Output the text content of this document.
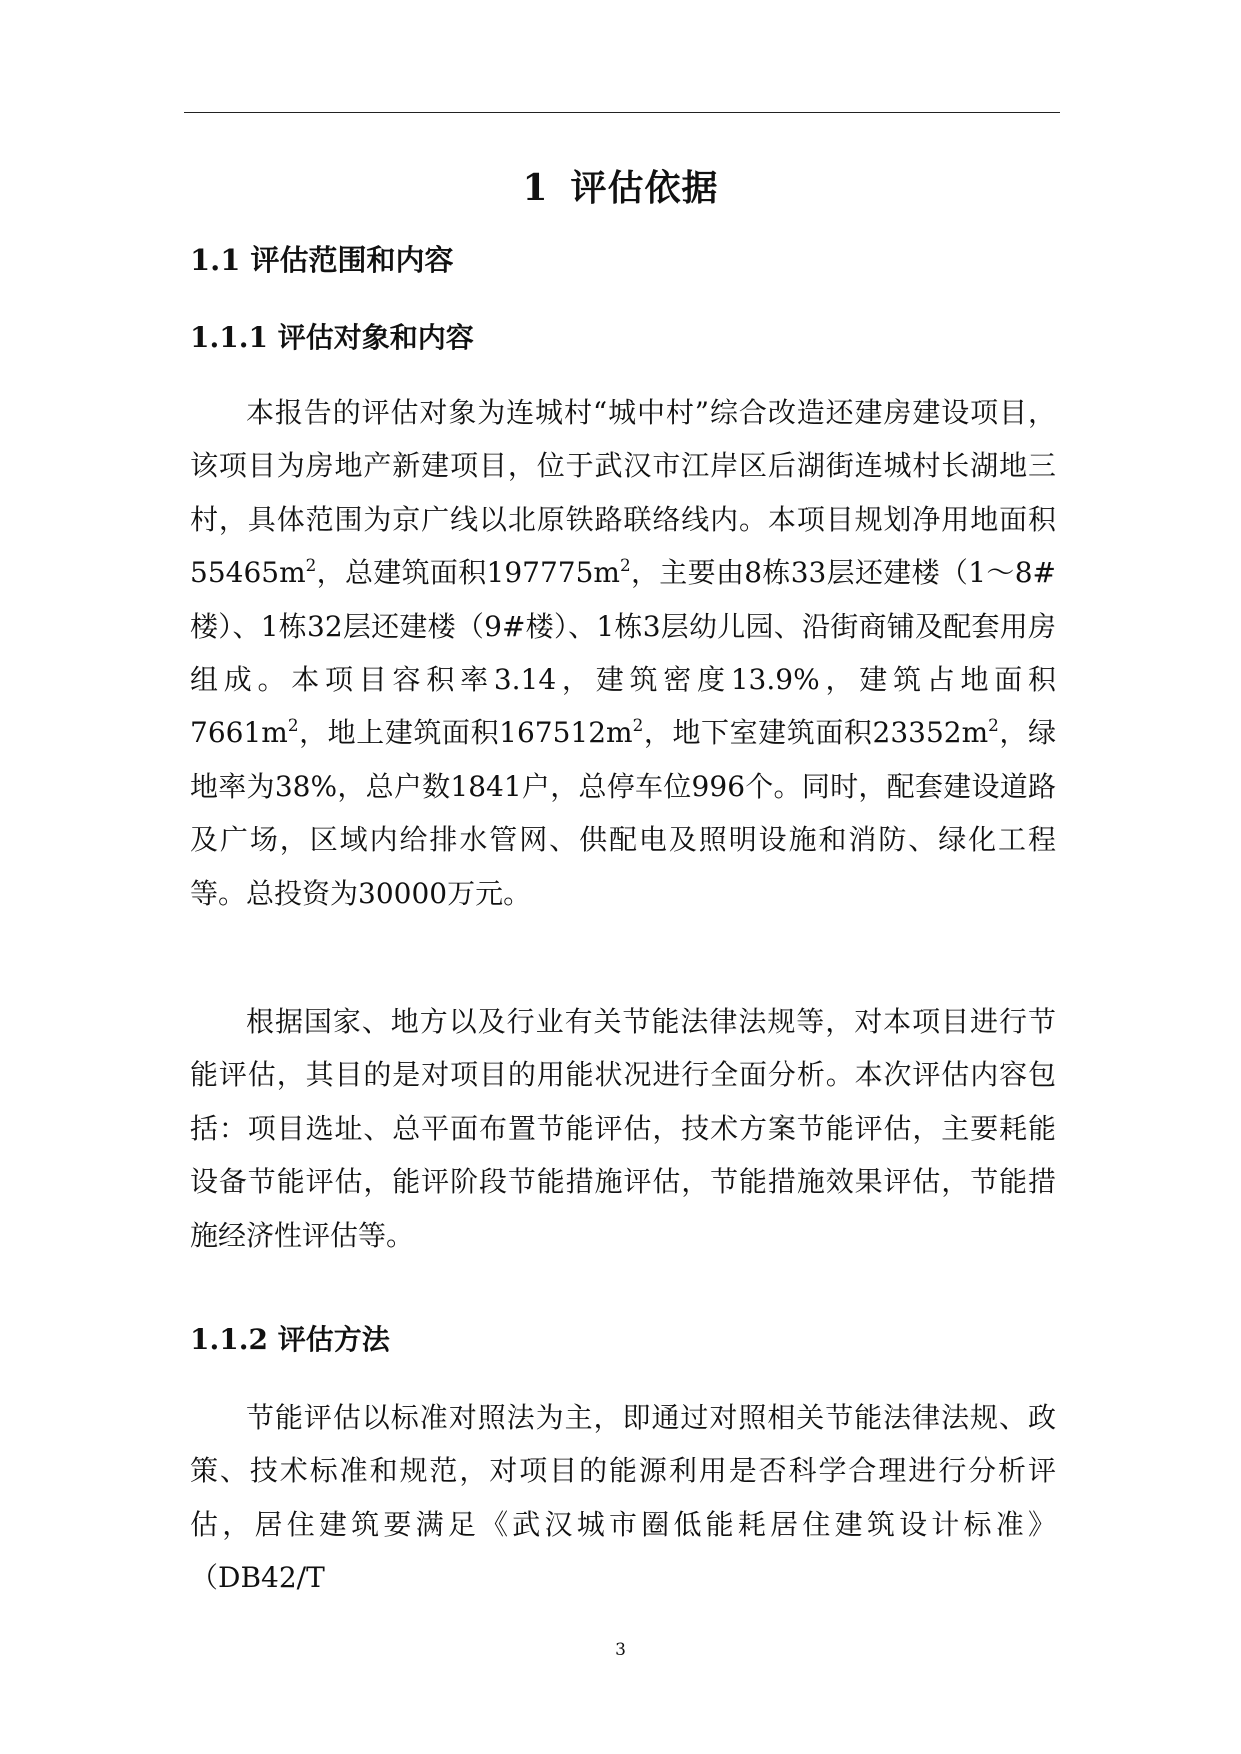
1 评估依据
1.1 评估范围和内容
1.1.1 评估对象和内容

本报告的评估对象为连城村“城中村”综合改造还建房建设项目，该项目为房地产新建项目，位于武汉市江岸区后湖街连城村长湖地三村，具体范围为京广线以北原铁路联络线内。本项目规划净用地面积$55465m^2$，总建筑面积$197775m^2$，主要由8栋33层还建楼（1～8#楼）、1栋32层还建楼（9#楼）、1栋3层幼儿园、沿街商铺及配套用房组成。本项目容积率3.14，建筑密度13.9%，建筑占地面积$7661m^2$，地上建筑面积$167512m^2$，地下室建筑面积$23352m^2$，绿地率为38%，总户数1841户，总停车位996个。同时，配套建设道路及广场，区域内给排水管网、供配电及照明设施和消防、绿化工程等。总投资为30000万元。

根据国家、地方以及行业有关节能法律法规等，对本项目进行节能评估，其目的是对项目的用能状况进行全面分析。本次评估内容包括：项目选址、总平面布置节能评估，技术方案节能评估，主要耗能设备节能评估，能评阶段节能措施评估，节能措施效果评估，节能措施经济性评估等。

1.1.2 评估方法

节能评估以标准对照法为主，即通过对照相关节能法律法规、政策、技术标准和规范，对项目的能源利用是否科学合理进行分析评估，居住建筑要满足《武汉城市圈低能耗居住建筑设计标准》（DB42/T

3
